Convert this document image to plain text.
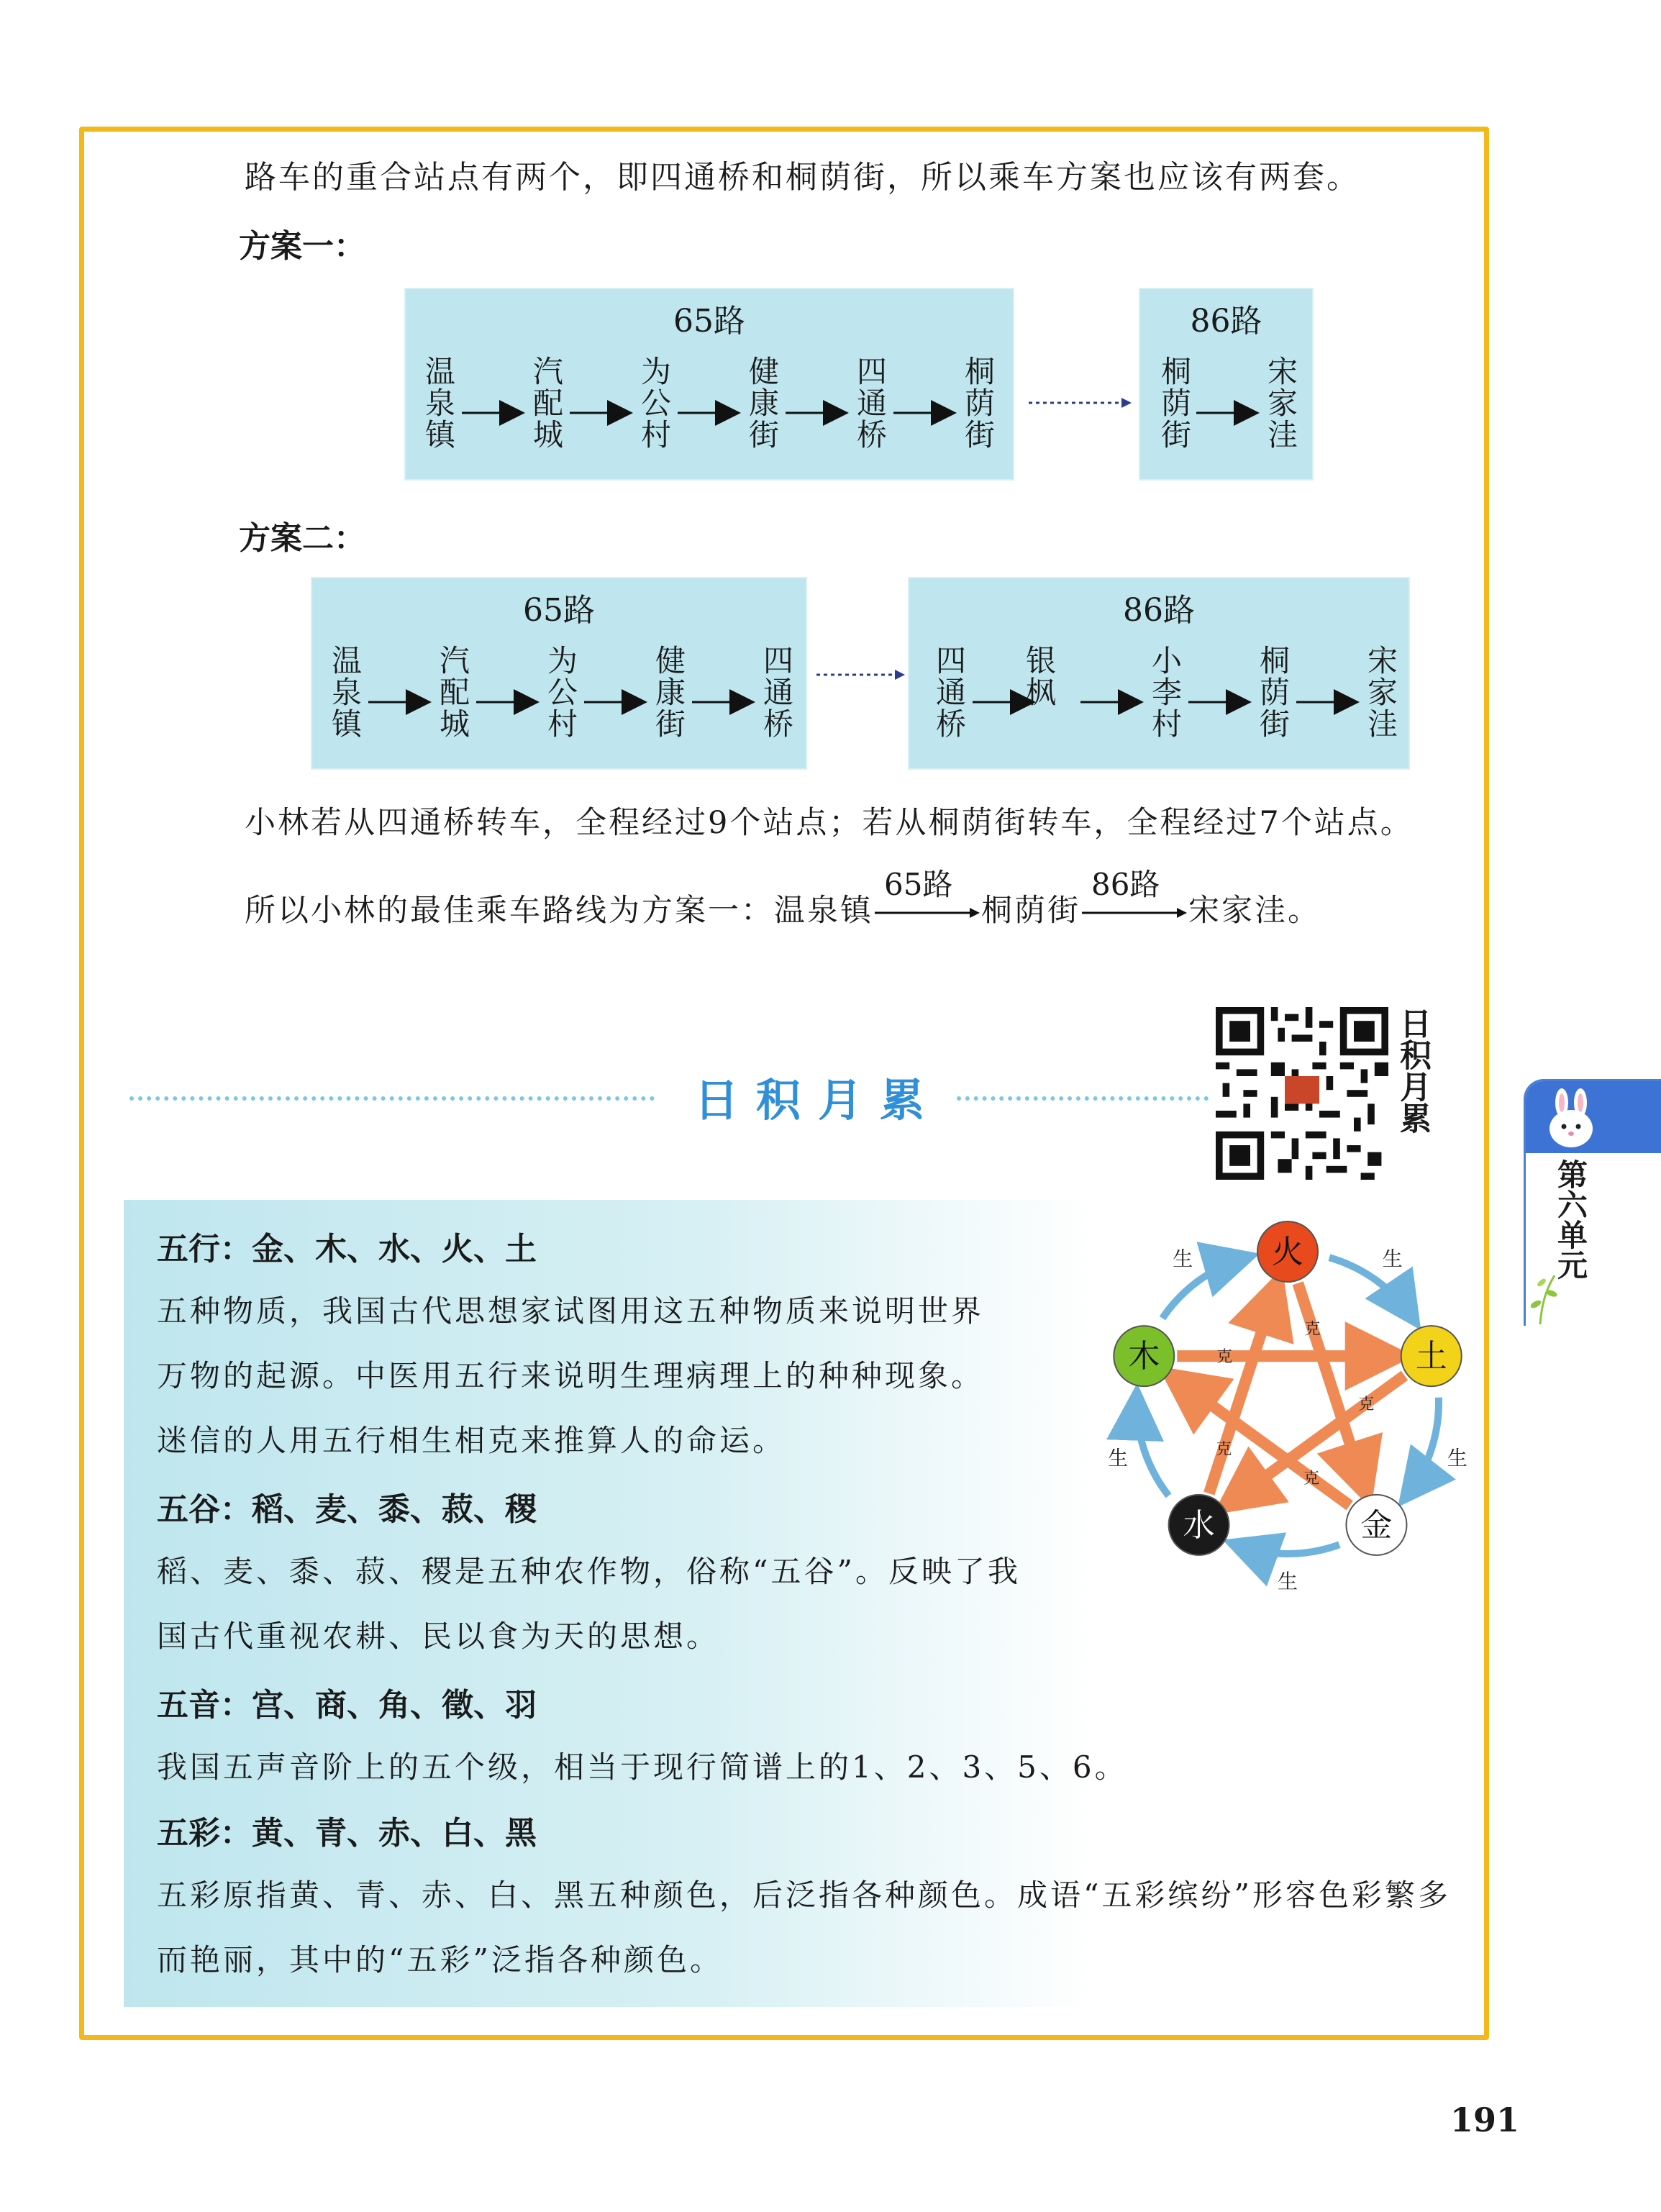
路车的重合站点有两个，即四通桥和桐荫街，所以乘车方案也应该有两套。
方案一：
65路
温泉镇 汽配城 为公村 健康街 四通桥 桐荫街
86路
桐荫街 宋家洼
方案二：
65路
温泉镇 汽配城 为公村 健康街 四通桥
86路
四通桥 银枫	小李村 桐荫街 宋家洼
小林若从四通桥转车，全程经过9个站点；若从桐荫街转车，全程经过7个站点。
所以小林的最佳乘车路线为方案一：温泉镇
65路
桐荫街
86路
宋家洼。
日积月累	日积月累
第六单元
五行：金、木、水、火、土
五种物质，我国古代思想家试图用这五种物质来说明世界
万物的起源。中医用五行来说明生理病理上的种种现象。
迷信的人用五行相生相克来推算人的命运。
五谷：稻、麦、黍、菽、稷
稻、麦、黍、菽、稷是五种农作物，俗称“五谷”。反映了我
国古代重视农耕、民以食为天的思想。
五音：宫、商、角、徵、羽
我国五声音阶上的五个级，相当于现行简谱上的1、2、3、5、6。
五彩：黄、青、赤、白、黑
五彩原指黄、青、赤、白、黑五种颜色，后泛指各种颜色。成语“五彩缤纷”形容色彩繁多
而艳丽，其中的“五彩”泛指各种颜色。
生
生
生
生
生
克
克
克
克
克
火
土
金
水
木
191
